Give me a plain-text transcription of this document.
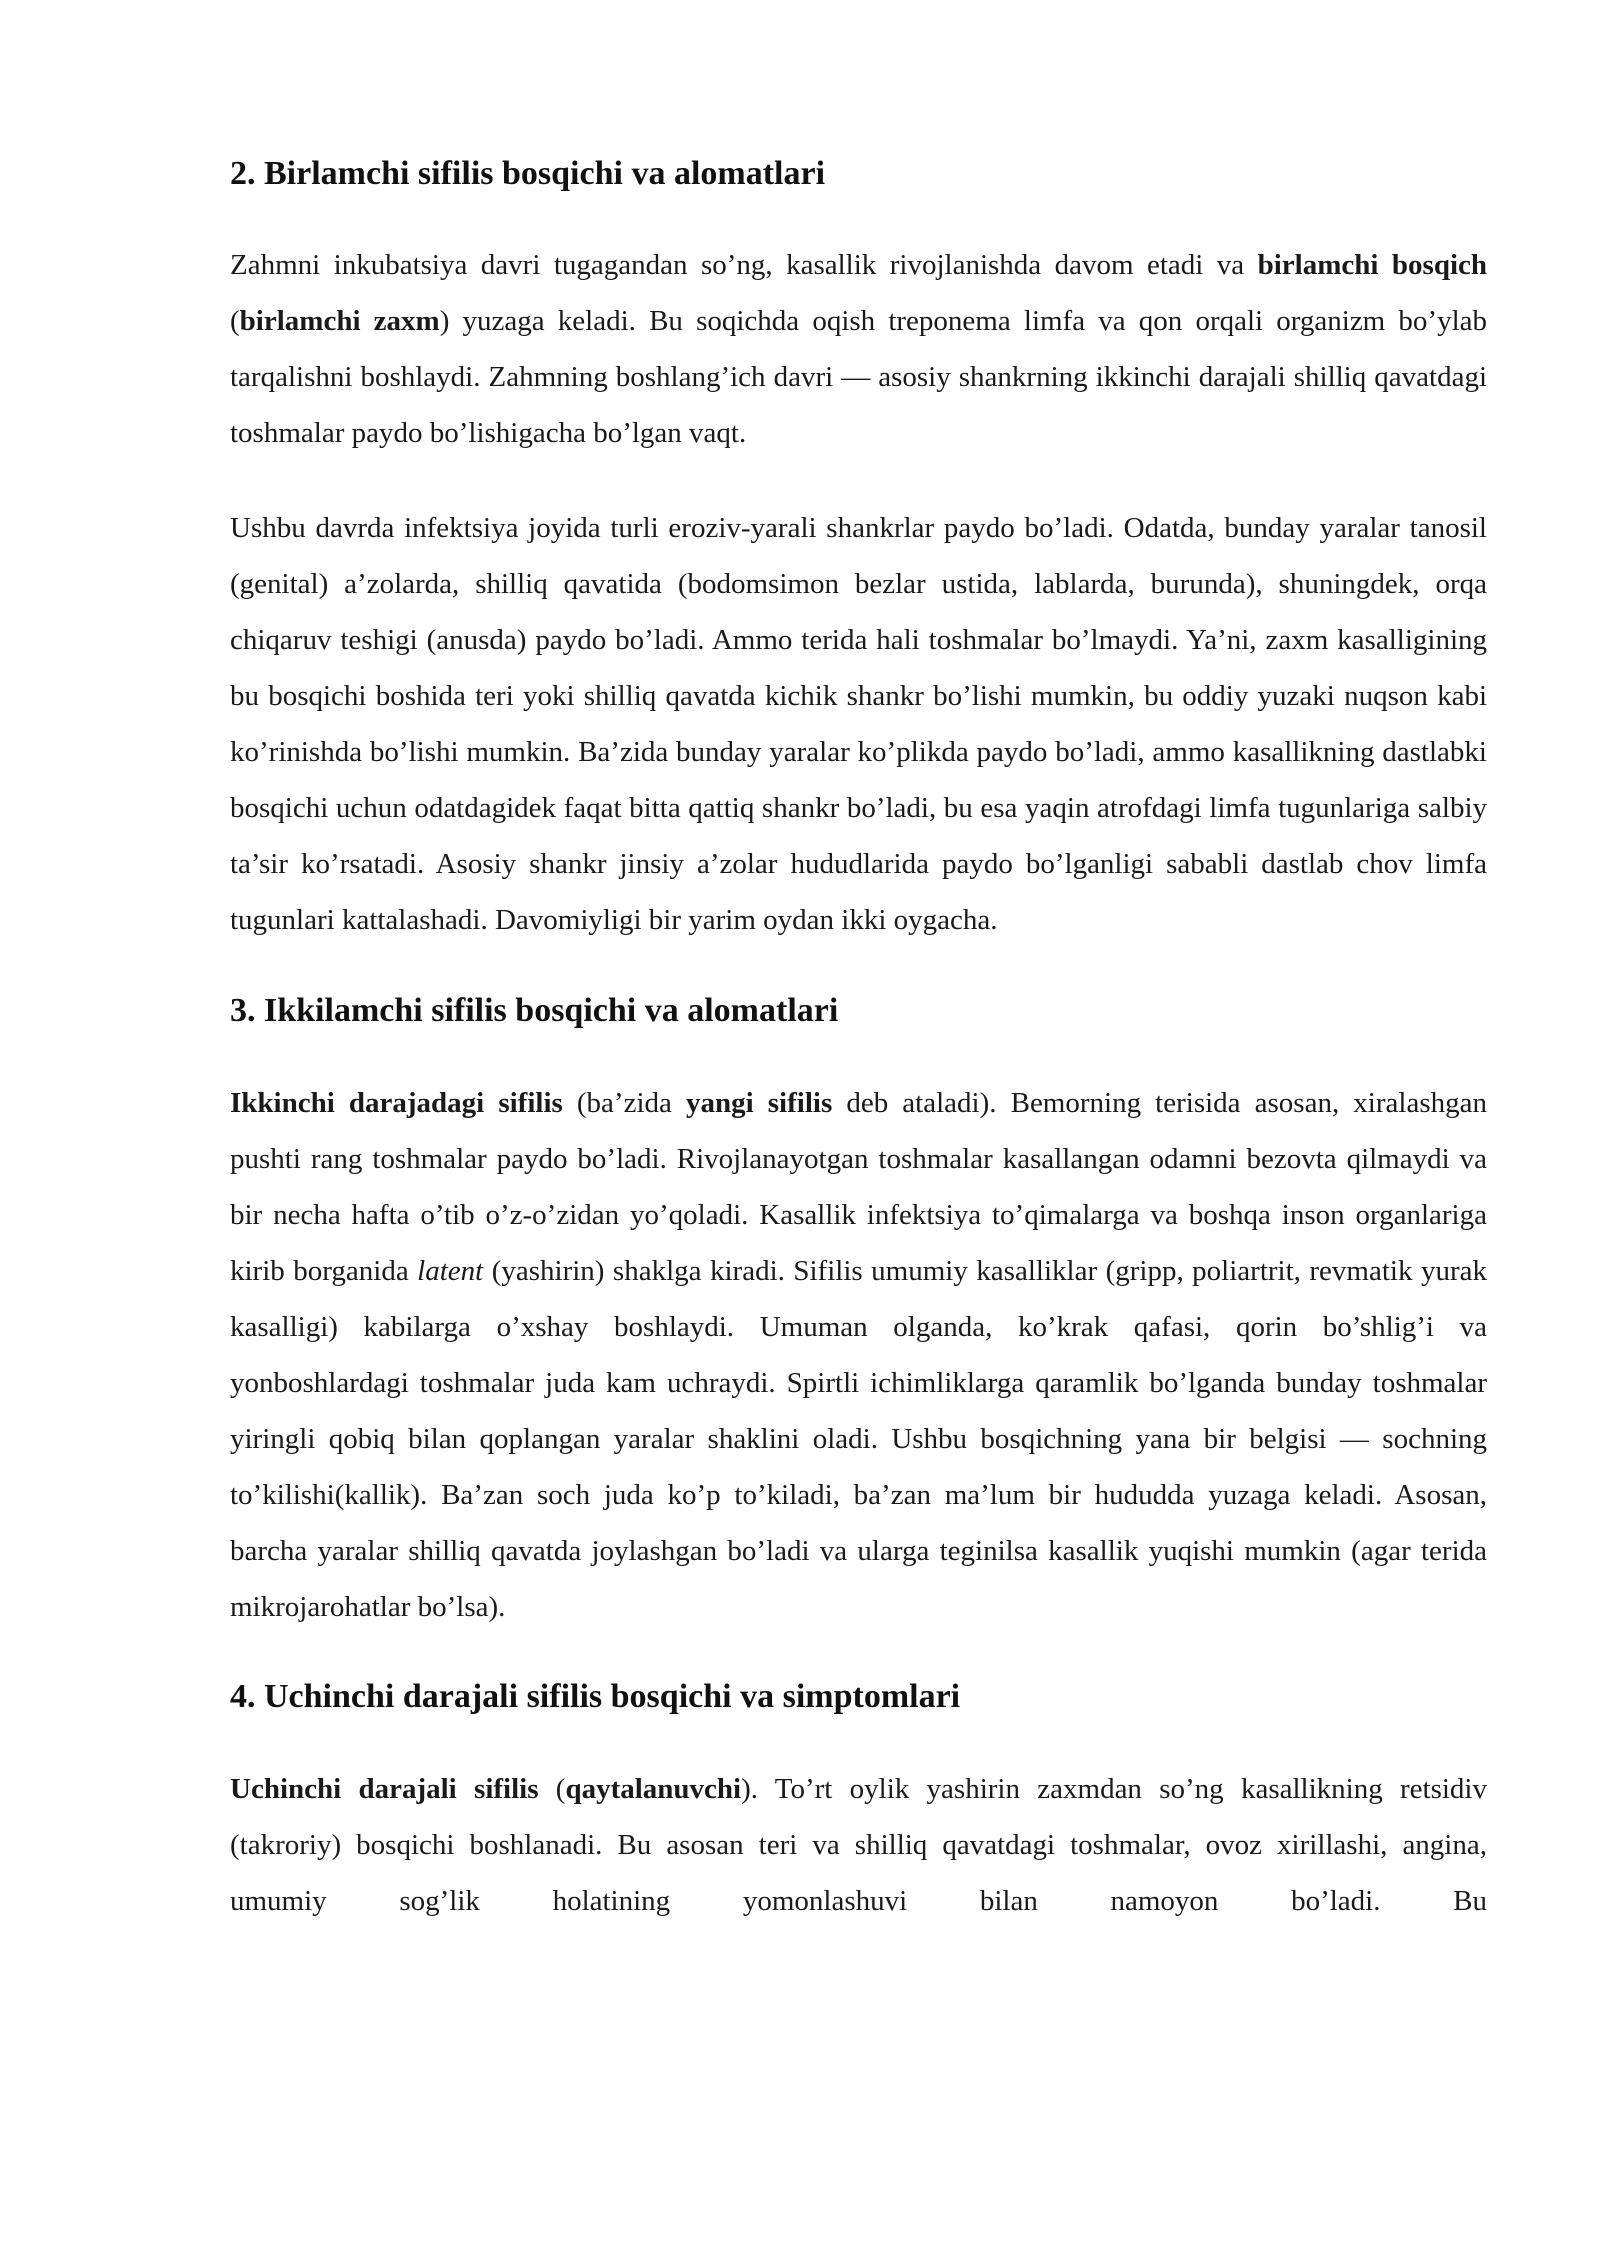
2. Birlamchi sifilis bosqichi va alomatlari

Zahmni inkubatsiya davri tugagandan so’ng, kasallik rivojlanishda davom etadi va birlamchi bosqich (birlamchi zaxm) yuzaga keladi. Bu soqichda oqish treponema limfa va qon orqali organizm bo’ylab tarqalishni boshlaydi. Zahmning boshlang’ich davri — asosiy shankrning ikkinchi darajali shilliq qavatdagi toshmalar paydo bo’lishigacha bo’lgan vaqt.

Ushbu davrda infektsiya joyida turli eroziv-yarali shankrlar paydo bo’ladi. Odatda, bunday yaralar tanosil (genital) a’zolarda, shilliq qavatida (bodomsimon bezlar ustida, lablarda, burunda), shuningdek, orqa chiqaruv teshigi (anusda) paydo bo’ladi. Ammo terida hali toshmalar bo’lmaydi. Ya’ni, zaxm kasalligining bu bosqichi boshida teri yoki shilliq qavatda kichik shankr bo’lishi mumkin, bu oddiy yuzaki nuqson kabi ko’rinishda bo’lishi mumkin. Ba’zida bunday yaralar ko’plikda paydo bo’ladi, ammo kasallikning dastlabki bosqichi uchun odatdagidek faqat bitta qattiq shankr bo’ladi, bu esa yaqin atrofdagi limfa tugunlariga salbiy ta’sir ko’rsatadi. Asosiy shankr jinsiy a’zolar hududlarida paydo bo’lganligi sababli dastlab chov limfa tugunlari kattalashadi. Davomiyligi bir yarim oydan ikki oygacha.

3. Ikkilamchi sifilis bosqichi va alomatlari

Ikkinchi darajadagi sifilis (ba’zida yangi sifilis deb ataladi). Bemorning terisida asosan, xiralashgan pushti rang toshmalar paydo bo’ladi. Rivojlanayotgan toshmalar kasallangan odamni bezovta qilmaydi va bir necha hafta o’tib o’z-o’zidan yo’qoladi. Kasallik infektsiya to’qimalarga va boshqa inson organlariga kirib borganida latent (yashirin) shaklga kiradi. Sifilis umumiy kasalliklar (gripp, poliartrit, revmatik yurak kasalligi) kabilarga o’xshay boshlaydi. Umuman olganda, ko’krak qafasi, qorin bo’shlig’i va yonboshlardagi toshmalar juda kam uchraydi. Spirtli ichimliklarga qaramlik bo’lganda bunday toshmalar yiringli qobiq bilan qoplangan yaralar shaklini oladi. Ushbu bosqichning yana bir belgisi — sochning to’kilishi(kallik). Ba’zan soch juda ko’p to’kiladi, ba’zan ma’lum bir hududda yuzaga keladi. Asosan, barcha yaralar shilliq qavatda joylashgan bo’ladi va ularga teginilsa kasallik yuqishi mumkin (agar terida mikrojarohatlar bo’lsa).

4. Uchinchi darajali sifilis bosqichi va simptomlari

Uchinchi darajali sifilis (qaytalanuvchi). To’rt oylik yashirin zaxmdan so’ng kasallikning retsidiv (takroriy) bosqichi boshlanadi. Bu asosan teri va shilliq qavatdagi toshmalar, ovoz xirillashi, angina, umumiy sog’lik holatining yomonlashuvi bilan namoyon bo’ladi. Bu
